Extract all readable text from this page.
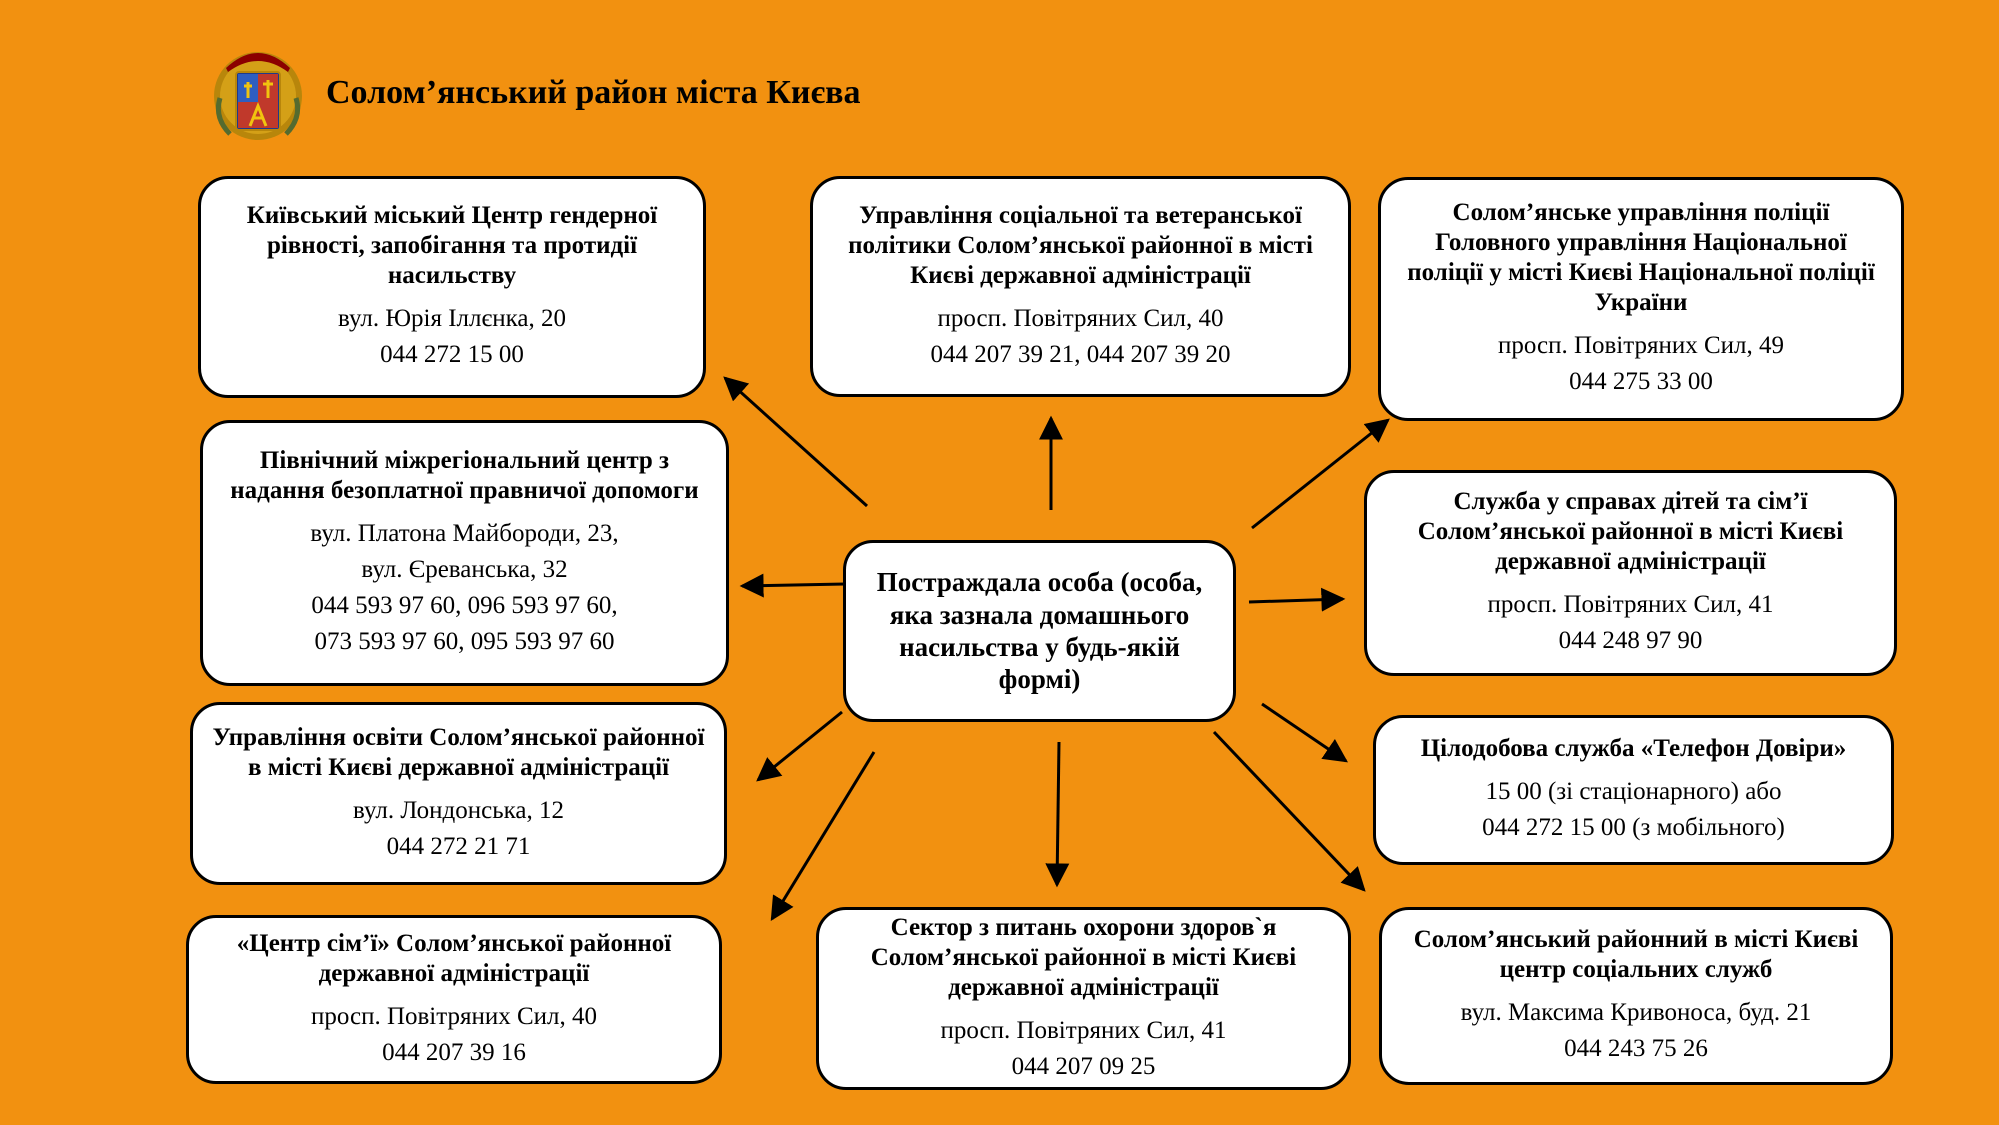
Солом’янський район міста Києва
Постраждала особа (особа, яка зазнала домашнього насильства у будь-якій формі)
Київський міський Центр гендерної рівності, запобігання та протидії насильству
вул. Юрія Іллєнка, 20
044 272 15 00
Управління соціальної та ветеранської політики Солом’янської районної в місті Києві державної адміністрації
просп. Повітряних Сил, 40
044 207 39 21, 044 207 39 20
Солом’янське управління поліції Головного управління Національної поліції у місті Києві Національної поліції України
просп. Повітряних Сил, 49
044 275 33 00
Північний міжрегіональний центр з надання безоплатної правничої допомоги
вул. Платона Майбороди, 23,
вул. Єреванська, 32
044 593 97 60, 096 593 97 60,
073 593 97 60, 095 593 97 60
Служба у справах дітей та сім’ї Солом’янської районної в місті Києві державної адміністрації
просп. Повітряних Сил, 41
044 248 97 90
Управління освіти Солом’янської районної в місті Києві державної адміністрації
вул. Лондонська, 12
044 272 21 71
Цілодобова служба «Телефон Довіри»
15 00 (зі стаціонарного) або
044 272 15 00 (з мобільного)
«Центр сім’ї» Солом’янської районної державної адміністрації
просп. Повітряних Сил, 40
044 207 39 16
Сектор з питань охорони здоров`я Солом’янської районної в місті Києві державної адміністрації
просп. Повітряних Сил, 41
044 207 09 25
Солом’янський районний в місті Києві центр соціальних служб
вул. Максима Кривоноса, буд. 21
044 243 75 26
